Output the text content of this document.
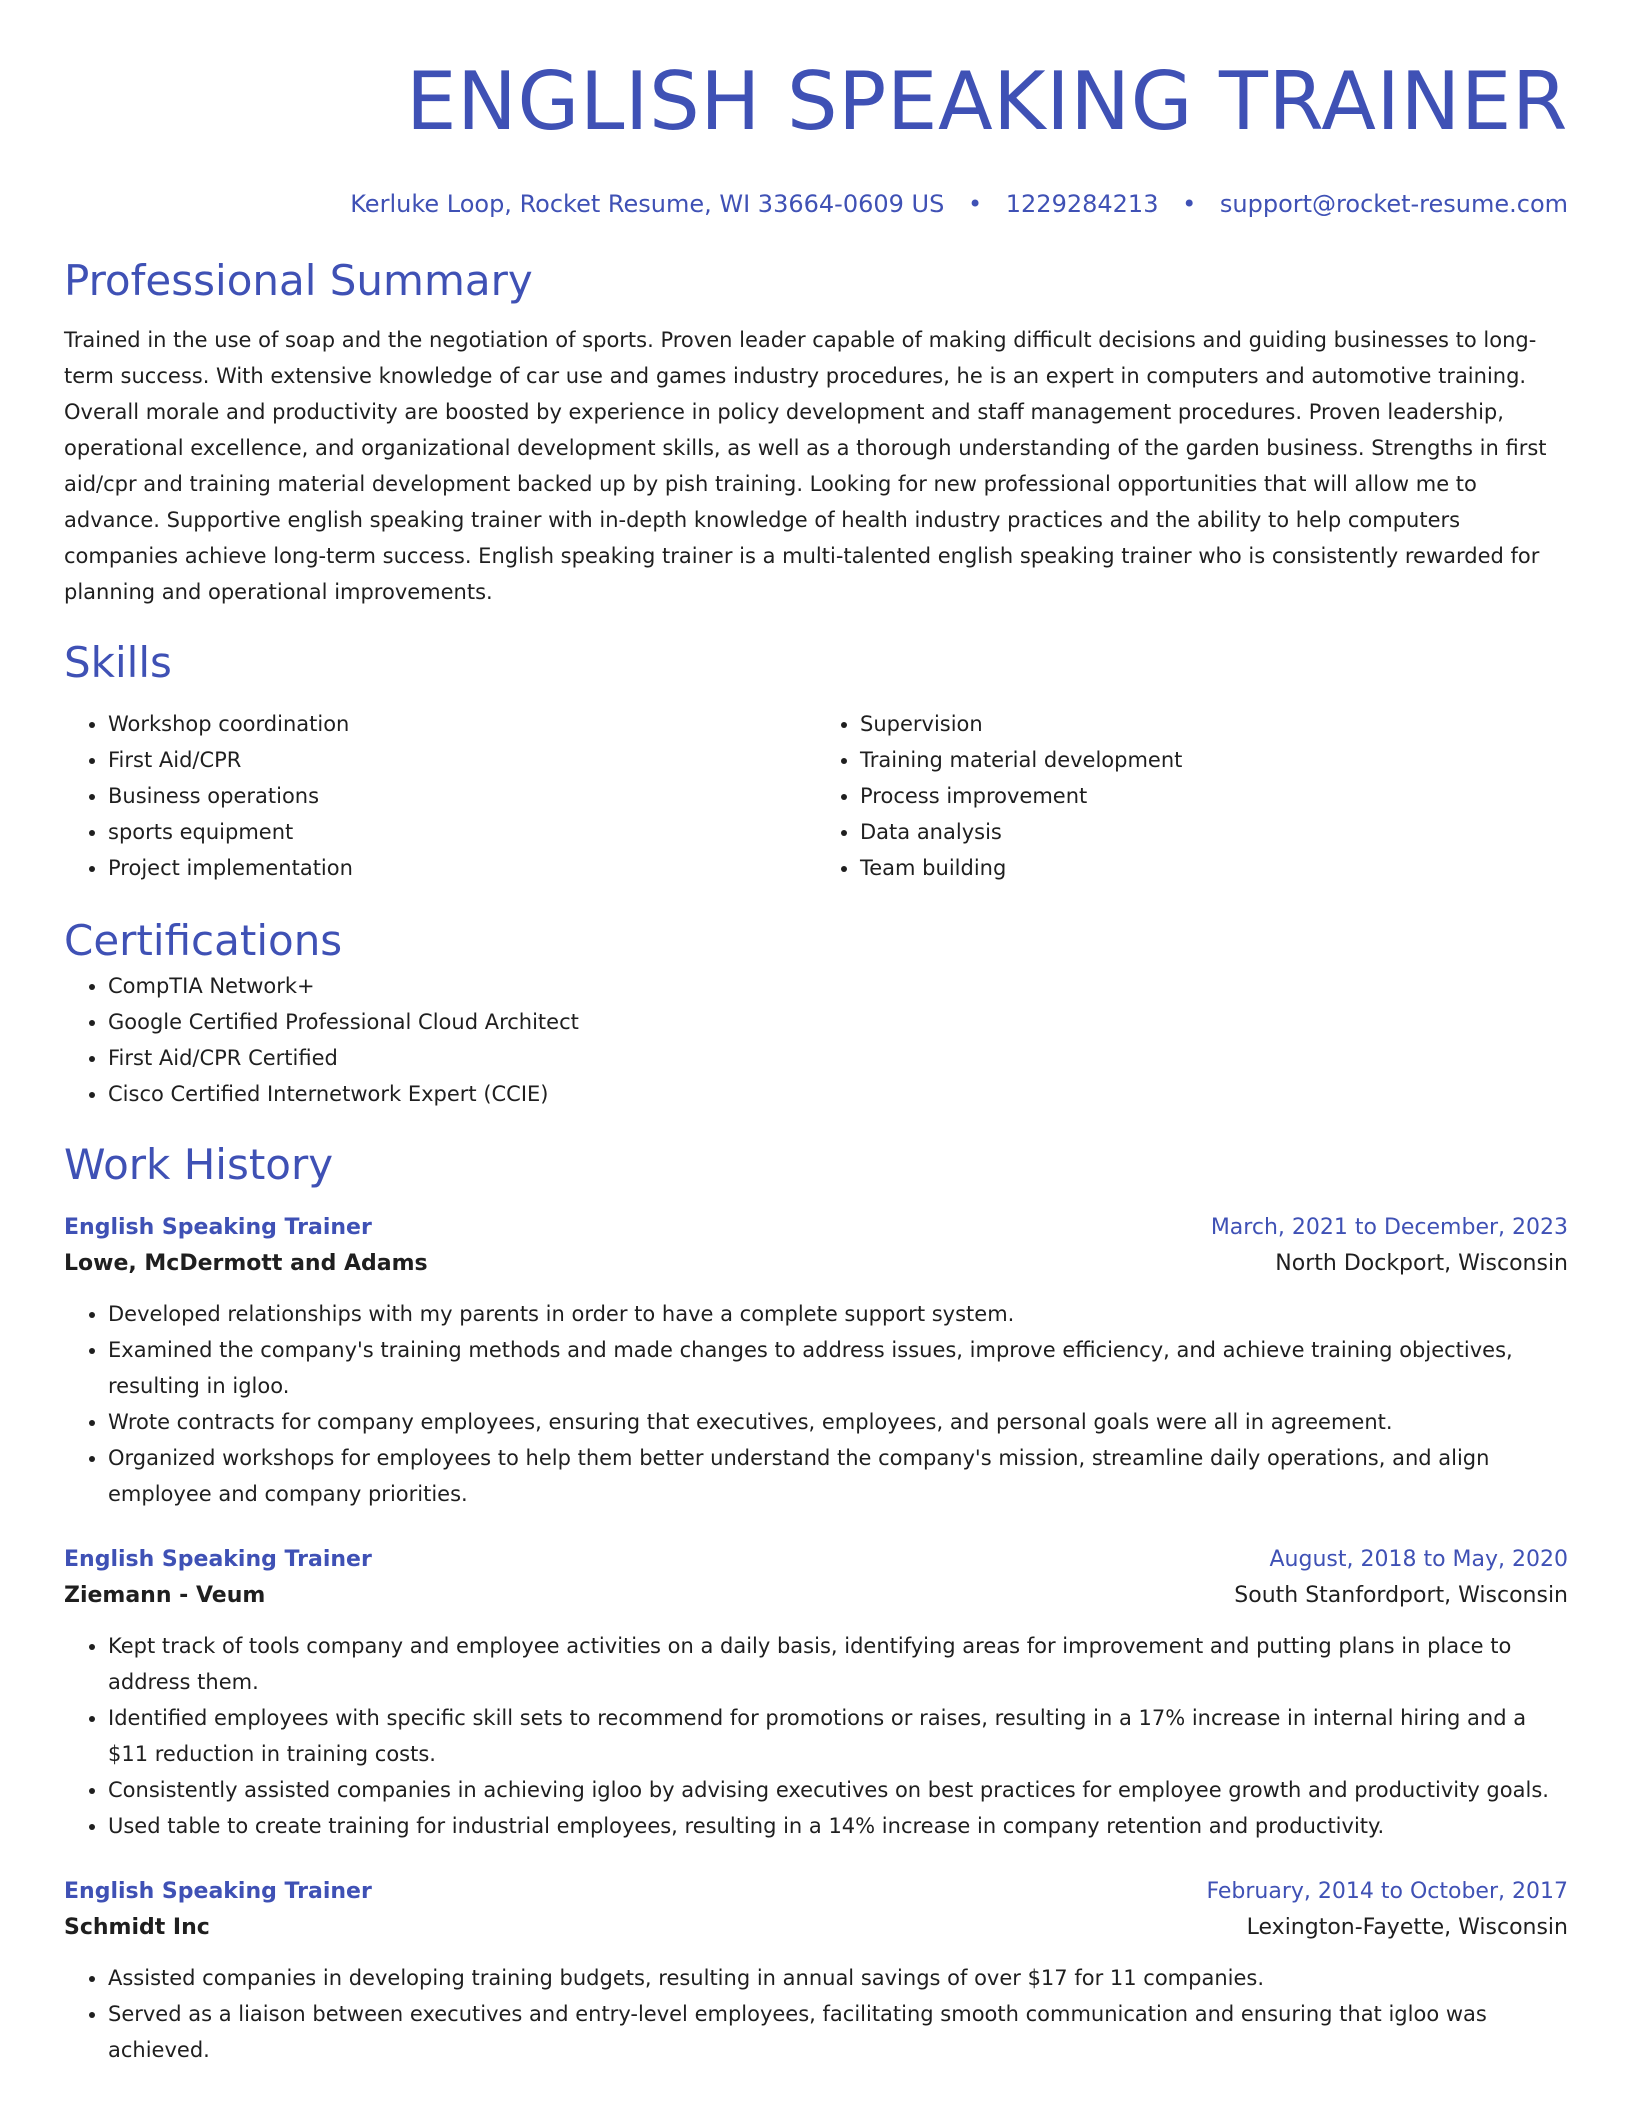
ENGLISH SPEAKING TRAINER
Kerluke Loop, Rocket Resume, WI 33664-0609 US • 1229284213 • support@rocket-resume.com
Professional Summary

Trained in the use of soap and the negotiation of sports. Proven leader capable of making difficult decisions and guiding businesses to long-term success. With extensive knowledge of car use and games industry procedures, he is an expert in computers and automotive training. Overall morale and productivity are boosted by experience in policy development and staff management procedures. Proven leadership, operational excellence, and organizational development skills, as well as a thorough understanding of the garden business. Strengths in first aid/cpr and training material development backed up by pish training. Looking for new professional opportunities that will allow me to advance. Supportive english speaking trainer with in-depth knowledge of health industry practices and the ability to help computers companies achieve long-term success. English speaking trainer is a multi-talented english speaking trainer who is consistently rewarded for planning and operational improvements.

Skills
• Workshop coordination
• First Aid/CPR
• Business operations
• sports equipment
• Project implementation
• Supervision
• Training material development
• Process improvement
• Data analysis
• Team building
Certifications
• CompTIA Network+
• Google Certified Professional Cloud Architect
• First Aid/CPR Certified
• Cisco Certified Internetwork Expert (CCIE)
Work History
English Speaking Trainer	March, 2021 to December, 2023
Lowe, McDermott and Adams	North Dockport, Wisconsin
• Developed relationships with my parents in order to have a complete support system.
• Examined the company's training methods and made changes to address issues, improve efficiency, and achieve training objectives, resulting in igloo.
• Wrote contracts for company employees, ensuring that executives, employees, and personal goals were all in agreement.
• Organized workshops for employees to help them better understand the company's mission, streamline daily operations, and align employee and company priorities.
English Speaking Trainer	August, 2018 to May, 2020
Ziemann - Veum	South Stanfordport, Wisconsin
• Kept track of tools company and employee activities on a daily basis, identifying areas for improvement and putting plans in place to address them.
• Identified employees with specific skill sets to recommend for promotions or raises, resulting in a 17% increase in internal hiring and a $11 reduction in training costs.
• Consistently assisted companies in achieving igloo by advising executives on best practices for employee growth and productivity goals.
• Used table to create training for industrial employees, resulting in a 14% increase in company retention and productivity.
English Speaking Trainer	February, 2014 to October, 2017
Schmidt Inc	Lexington-Fayette, Wisconsin
• Assisted companies in developing training budgets, resulting in annual savings of over $17 for 11 companies.
• Served as a liaison between executives and entry-level employees, facilitating smooth communication and ensuring that igloo was achieved.
